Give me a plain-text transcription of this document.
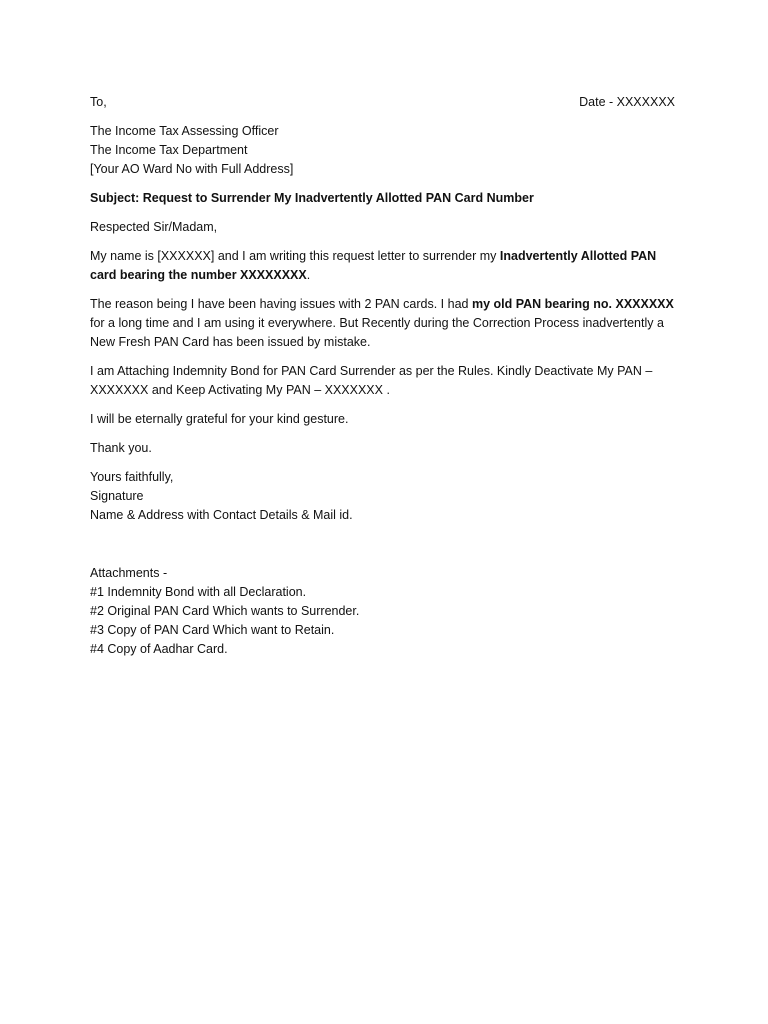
To,	Date - XXXXXXX
The Income Tax Assessing Officer
The Income Tax Department
[Your AO Ward No with Full Address]
Subject: Request to Surrender My Inadvertently Allotted PAN Card Number
Respected Sir/Madam,

My name is [XXXXXX] and I am writing this request letter to surrender my Inadvertently Allotted PAN card bearing the number XXXXXXXX.

The reason being I have been having issues with 2 PAN cards. I had my old PAN bearing no. XXXXXXX for a long time and I am using it everywhere. But Recently during the Correction Process inadvertently a New Fresh PAN Card has been issued by mistake.

I am Attaching Indemnity Bond for PAN Card Surrender as per the Rules. Kindly Deactivate My PAN – XXXXXXX and Keep Activating My PAN – XXXXXXX .

I will be eternally grateful for your kind gesture.
Thank you.
Yours faithfully,
Signature
Name & Address with Contact Details & Mail id.
Attachments -
#1 Indemnity Bond with all Declaration.
#2 Original PAN Card Which wants to Surrender.
#3 Copy of PAN Card Which want to Retain.
#4 Copy of Aadhar Card.
